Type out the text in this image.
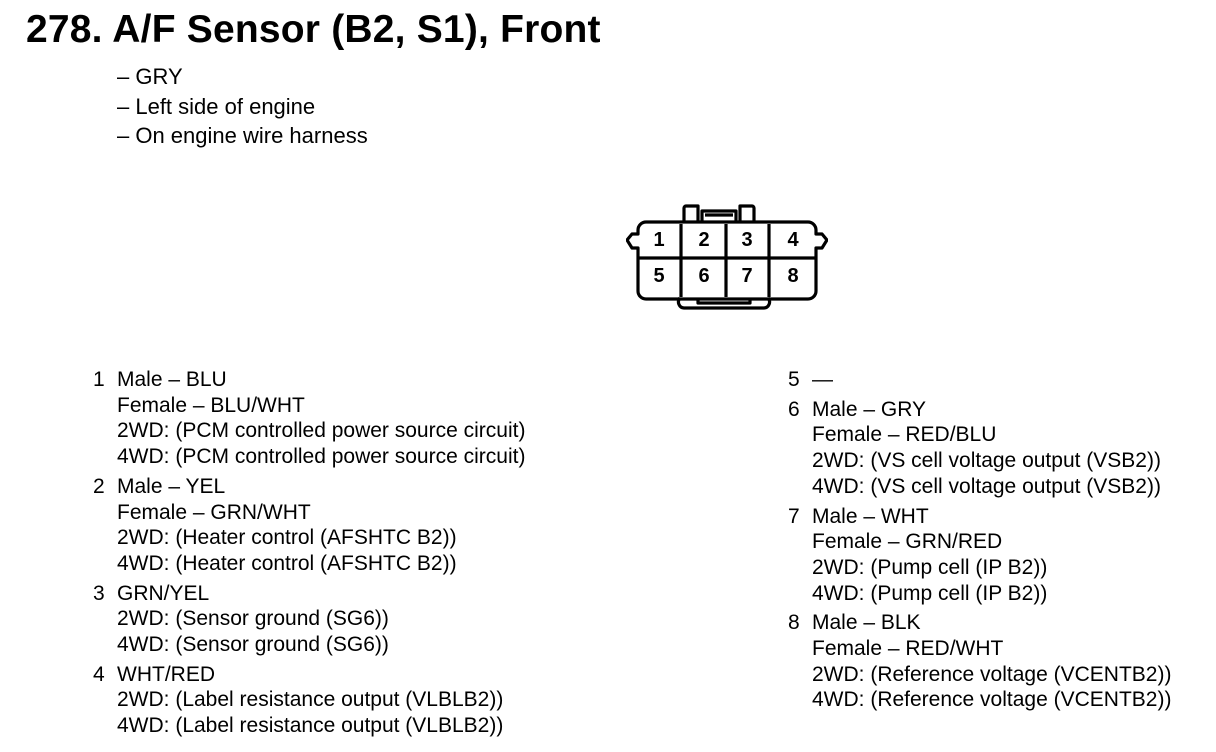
278. A/F Sensor (B2, S1), Front
– GRY
– Left side of engine
– On engine wire harness
1 2 3 4
5 6 7 8
1 Male – BLU
Female – BLU/WHT
2WD: (PCM controlled power source circuit)
4WD: (PCM controlled power source circuit)
2 Male – YEL
Female – GRN/WHT
2WD: (Heater control (AFSHTC B2))
4WD: (Heater control (AFSHTC B2))
3 GRN/YEL
2WD: (Sensor ground (SG6))
4WD: (Sensor ground (SG6))
4 WHT/RED
2WD: (Label resistance output (VLBLB2))
4WD: (Label resistance output (VLBLB2))
5 —
6 Male – GRY
Female – RED/BLU
2WD: (VS cell voltage output (VSB2))
4WD: (VS cell voltage output (VSB2))
7 Male – WHT
Female – GRN/RED
2WD: (Pump cell (IP B2))
4WD: (Pump cell (IP B2))
8 Male – BLK
Female – RED/WHT
2WD: (Reference voltage (VCENTB2))
4WD: (Reference voltage (VCENTB2))
